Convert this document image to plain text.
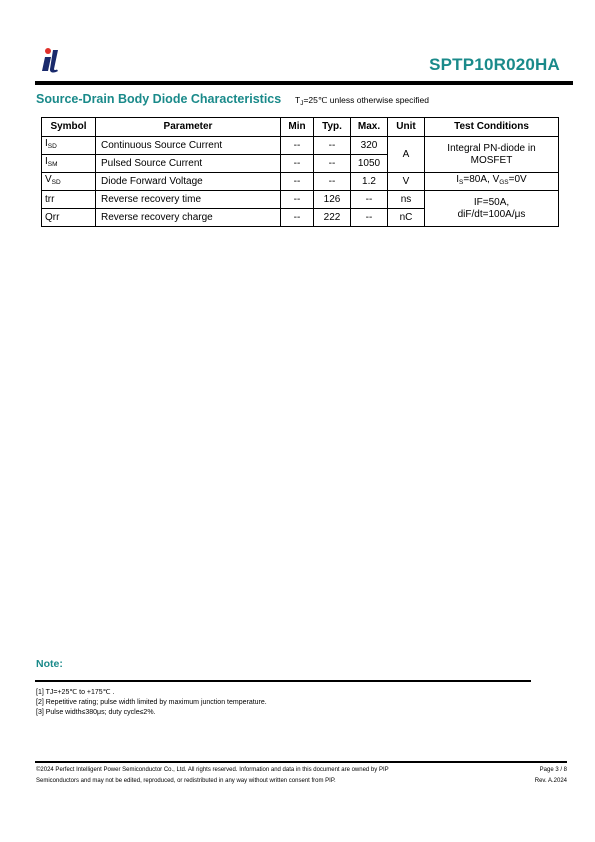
SPTP10R020HA
Source-Drain Body Diode Characteristics $T_J=25℃$ unless otherwise specified
Symbol	Parameter	Min	Typ.	Max.	Unit	Test Conditions
$I_{SD}$	Continuous Source Current	--	--	320	A	Integral PN-diode in MOSFET
$I_{SM}$	Pulsed Source Current	--	--	1050		
$V_{SD}$	Diode Forward Voltage	--	--	1.2	V	$I_S=80A$, $V_{GS}=0V$
trr	Reverse recovery time	--	126	--	ns	IF=50A,
diF/dt=100A/μs

Qrr	Reverse recovery charge	--	222	--	nC	
Note:
[1] TJ=+25℃ to +175℃ .
[2] Repetitive rating; pulse width limited by maximum junction temperature.
[3] Pulse width≤380μs; duty cycle≤2%.
©2024 Perfect Intelligent Power Semiconductor Co., Ltd. All rights reserved. Information and data in this document are owned by PIP
Semiconductors and may not be edited, reproduced, or redistributed in any way without written consent from PIP.
Page 3 / 8
Rev. A.2024
